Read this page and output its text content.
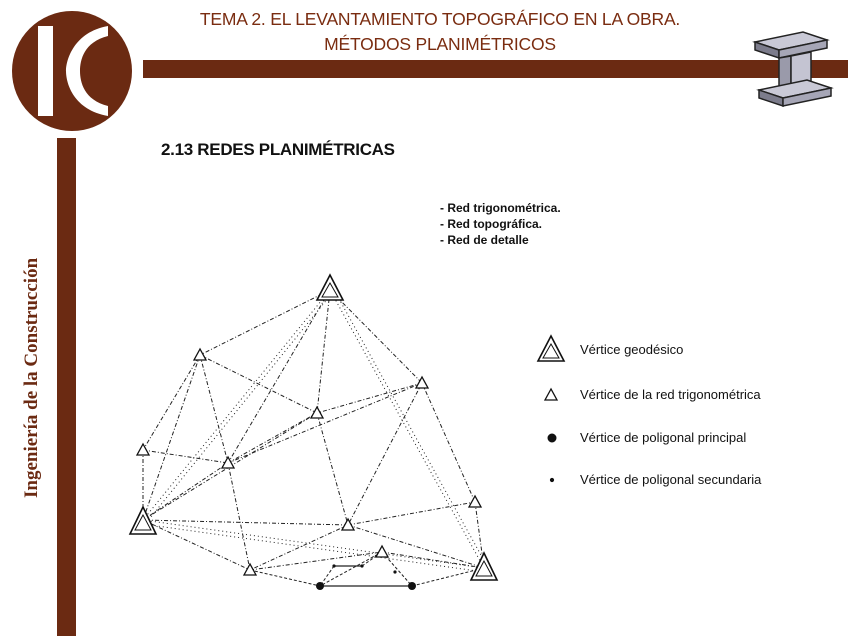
Ingeniería de la Construcción
TEMA 2. EL LEVANTAMIENTO TOPOGRÁFICO EN LA OBRA.
MÉTODOS PLANIMÉTRICOS
2.13 REDES PLANIMÉTRICAS
- Red trigonométrica.
- Red topográfica.
- Red de detalle
Vértice geodésico
Vértice de la red trigonométrica
Vértice de poligonal principal
Vértice de poligonal secundaria
